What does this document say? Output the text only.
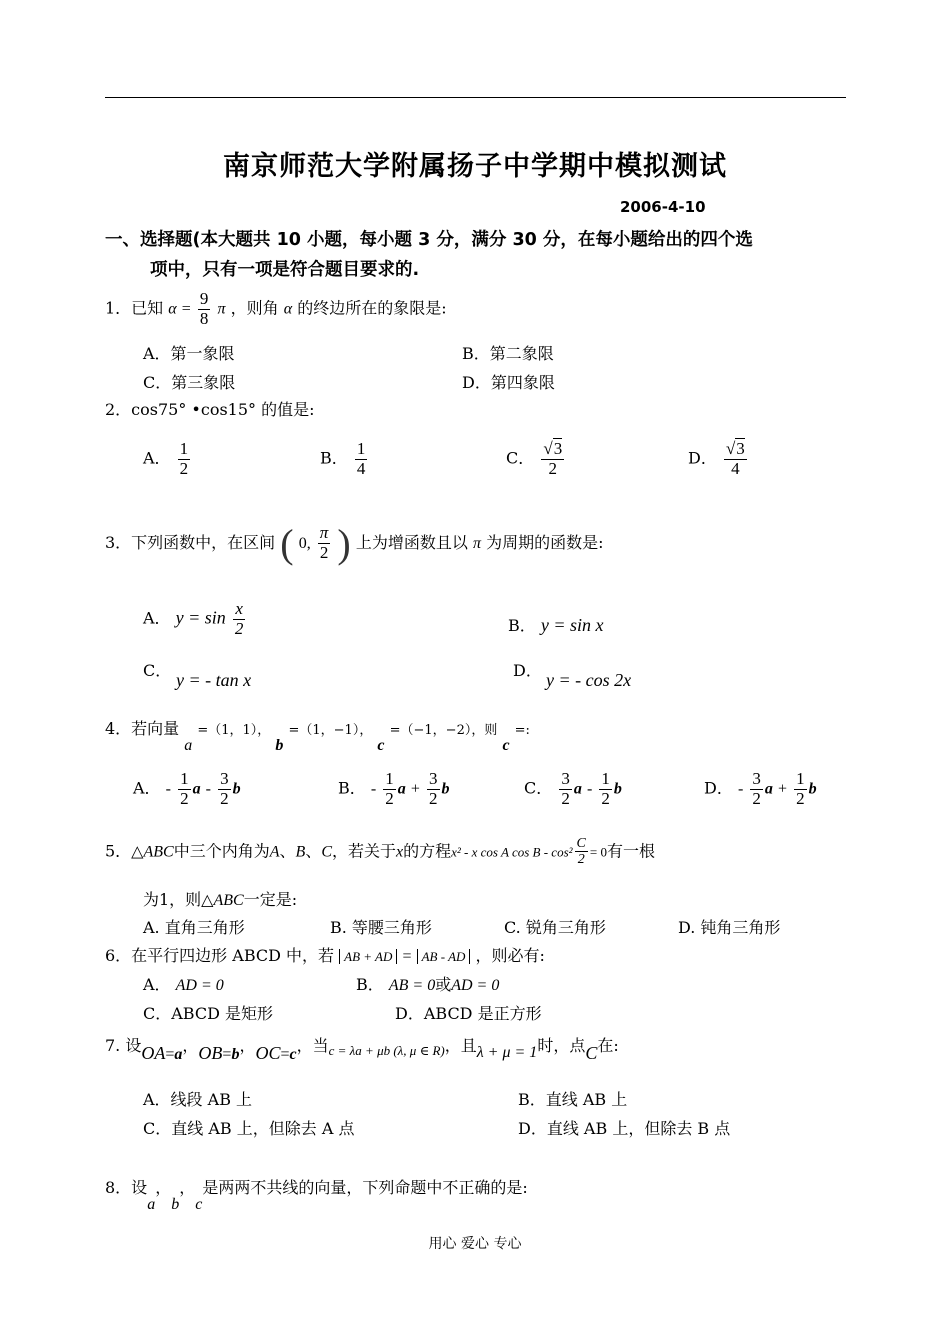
南京师范大学附属扬子中学期中模拟测试
2006-4-10
一、选择题(本大题共 10 小题，每小题 3 分，满分 30 分，在每小题给出的四个选
项中，只有一项是符合题目要求的.
1．已知 $\alpha = \frac{9}{8}$ π ，则角 α 的终边所在的象限是:
A．第一象限	B．第二象限
C．第三象限	D．第四象限
2．cos75° •cos15° 的值是:
A． $\frac{1}{2}$	B． $\frac{1}{4}$	C． $\frac{√3}{2}$	D． $\frac{√3}{4}$
3．下列函数中，在区间 ( 0, $\frac{\pi}{2}$ ) 上为增函数且以 π 为周期的函数是:
A． $y = \sin \frac{x}{2}$	B． y = sin x
C． y = - tan x	D． y = - cos 2x
4．若向量 a =（1，1）， b =（1，−1）， c =（−1，−2），则 c =:
A． - $\frac{1}{2}$ a - $\frac{3}{2}$ b	B． - $\frac{1}{2}$ $a + \frac{3}{2}$ b	C． $\frac{3}{2}$ a - $\frac{1}{2}$ b	D． - $\frac{3}{2}$ $a + \frac{1}{2}$ b
5．△ABC中三个内角为A、B、C，若关于x的方程x² - x cos A $\cos B - \cos^2 \frac{C}{2} = 0$有一根
为1，则△ABC一定是:
A. 直角三角形	B. 等腰三角形	C. 锐角三角形	D. 钝角三角形
6．在平行四边形 ABCD 中，若 AB + AD = AB - AD ，则必有:
A． AD = 0	B． AB = 0或AD = 0
C．ABCD 是矩形	D．ABCD 是正方形
7. 设OA=a，OB=b，OC=c，当$_{c = \lambda a + \mu b (\lambda, \mu \in R)}$，且λ + μ = 1时，点C在:
A．线段 AB 上	B．直线 AB 上
C．直线 AB 上，但除去 A 点	D．直线 AB 上，但除去 B 点
8．设a，b，c是两两不共线的向量，下列命题中不正确的是:
用心 爱心 专心
